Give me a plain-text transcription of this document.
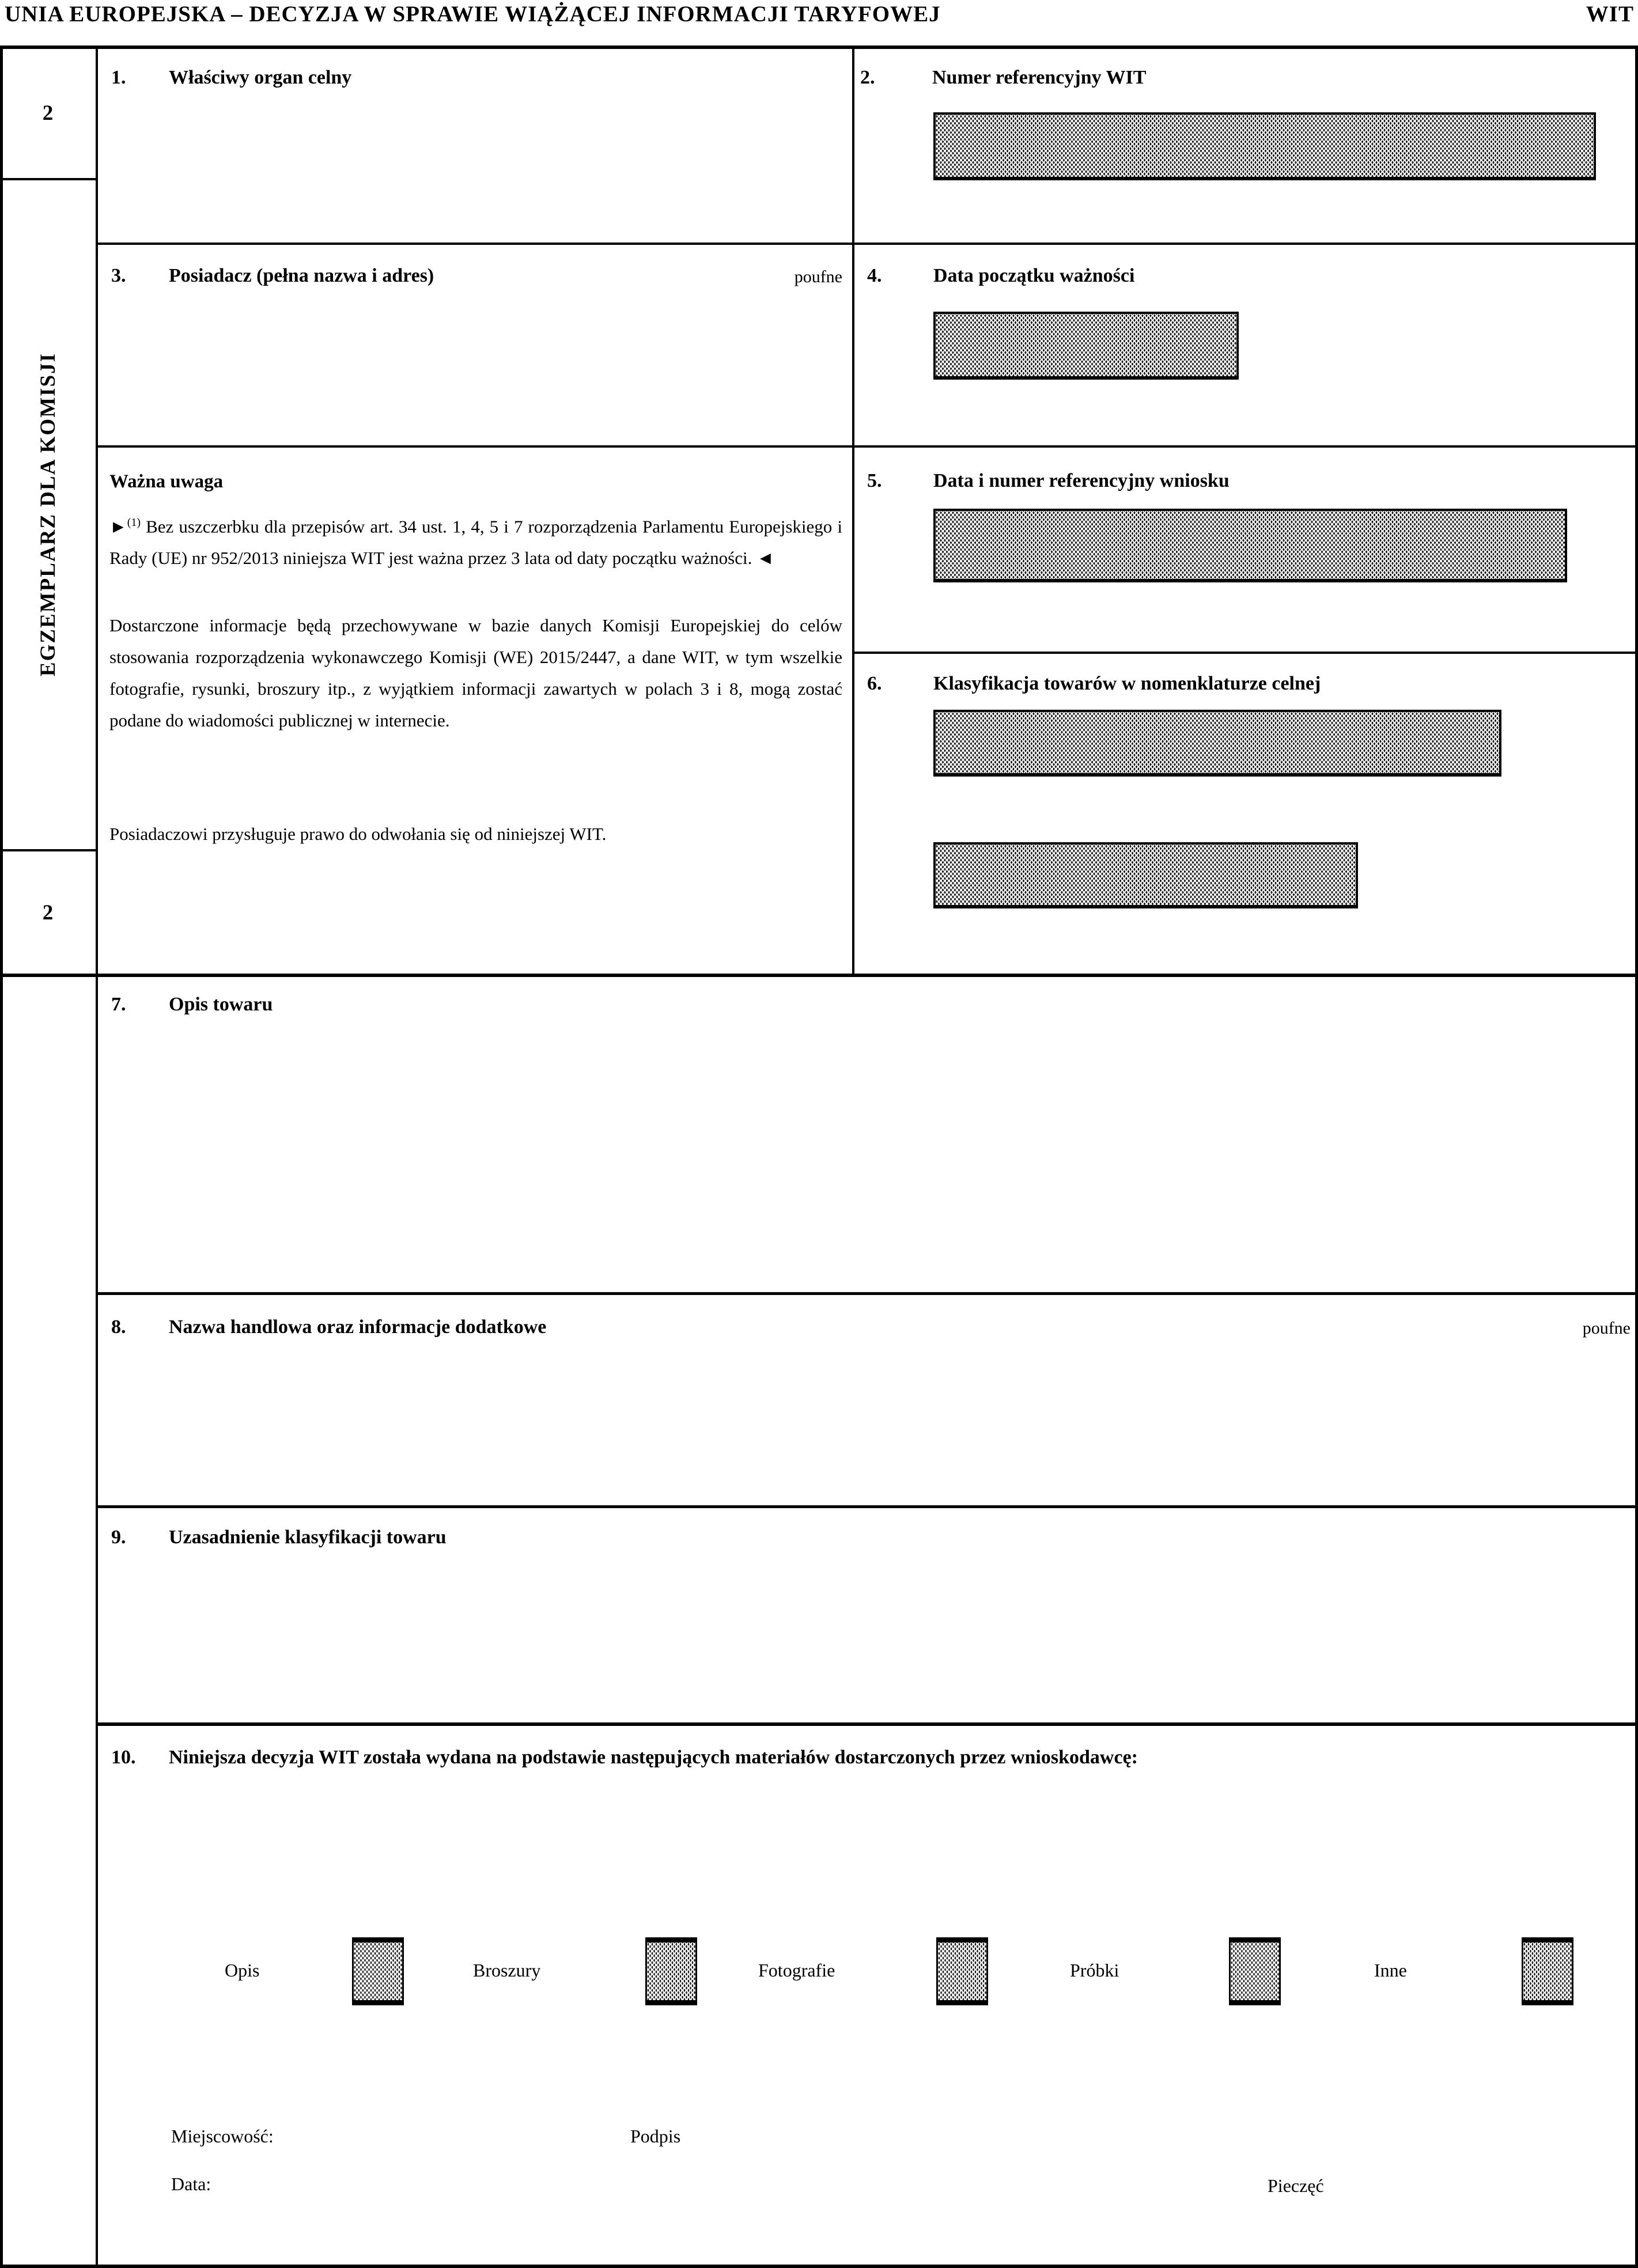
UNIA EUROPEJSKA – DECYZJA W SPRAWIE WIĄŻĄCEJ INFORMACJI TARYFOWEJ	WIT
2
EGZEMPLARZ DLA KOMISJI
2
1. Właściwy organ celny	2.	Numer referencyjny WIT
3. Posiadacz (pełna nazwa i adres)	poufne 4.	Data początku ważności
5.	Data i numer referencyjny wniosku
6.	Klasyfikacja towarów w nomenklaturze celnej
Ważna uwaga
►$^{(1)}$ Bez uszczerbku dla przepisów art. 34 ust. 1, 4, 5 i 7 rozporządzenia Parlamentu Europejskiego i Rady (UE) nr 952/2013 niniejsza WIT jest ważna przez 3 lata od daty początku ważności. ◄
Dostarczone informacje będą przechowywane w bazie danych Komisji Europejskiej do celów stosowania rozporządzenia wykonawczego Komisji (WE) 2015/2447, a dane WIT, w tym wszelkie fotografie, rysunki, broszury itp., z wyjątkiem informacji zawartych w polach 3 i 8, mogą zostać podane do wiadomości publicznej w internecie.
Posiadaczowi przysługuje prawo do odwołania się od niniejszej WIT.
7. Opis towaru
8. Nazwa handlowa oraz informacje dodatkowe	poufne
9. Uzasadnienie klasyfikacji towaru
10. Niniejsza decyzja WIT została wydana na podstawie następujących materiałów dostarczonych przez wnioskodawcę:
Opis	Broszury	Fotografie	Próbki	Inne
Miejscowość:	Podpis
Data:	Pieczęć
